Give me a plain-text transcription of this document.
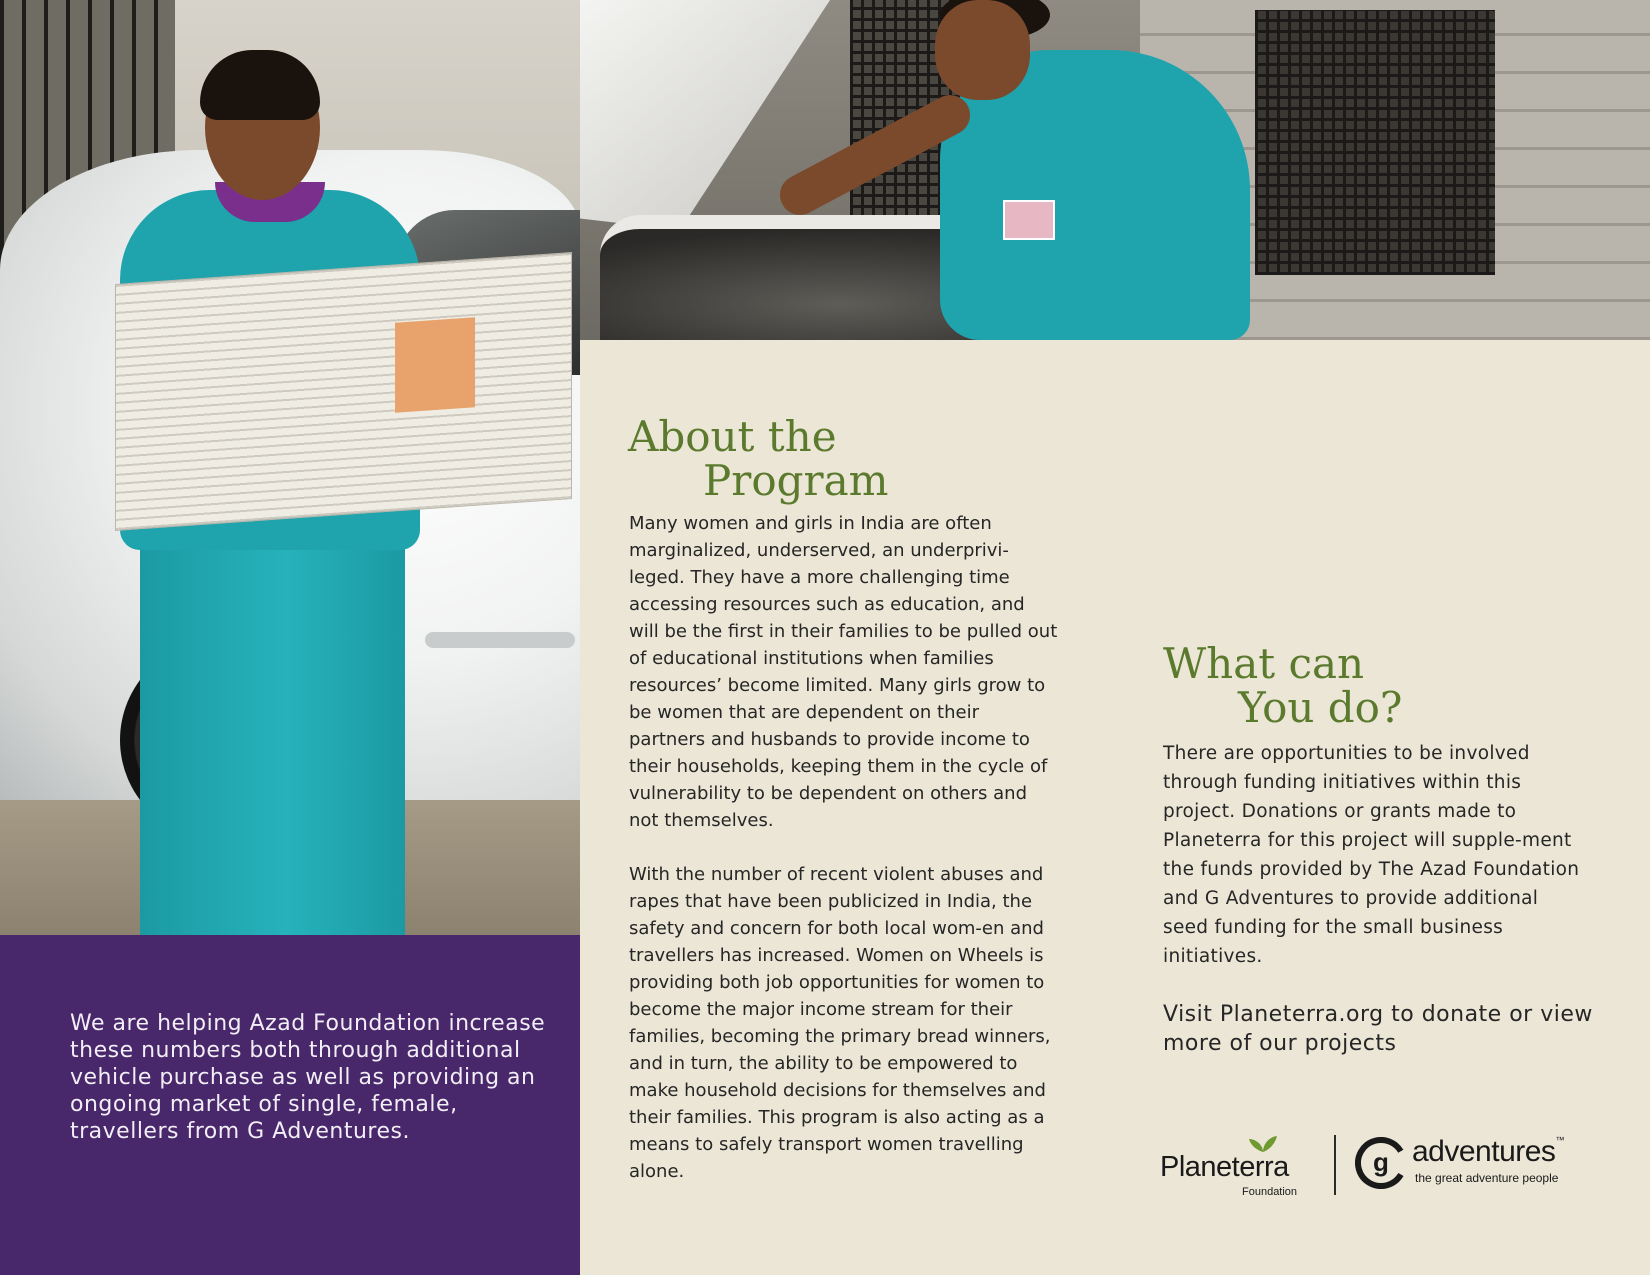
We are helping Azad Foundation increase these numbers both through additional vehicle purchase as well as providing an ongoing market of single, female, travellers from G Adventures.

About the
Program

Many women and girls in India are often marginalized, underserved, an underprivi-leged. They have a more challenging time accessing resources such as education, and will be the first in their families to be pulled out of educational institutions when families resources’ become limited. Many girls grow to be women that are dependent on their partners and husbands to provide income to their households, keeping them in the cycle of vulnerability to be dependent on others and not themselves.

With the number of recent violent abuses and rapes that have been publicized in India, the safety and concern for both local wom-en and travellers has increased. Women on Wheels is providing both job opportunities for women to become the major income stream for their families, becoming the primary bread winners, and in turn, the ability to be empowered to make household decisions for themselves and their families. This program is also acting as a means to safely transport women travelling alone.

What can
You do?

There are opportunities to be involved through funding initiatives within this project. Donations or grants made to Planeterra for this project will supple-ment the funds provided by The Azad Foundation and G Adventures to provide additional seed funding for the small business initiatives.

Visit Planeterra.org to donate or view more of our projects

Planeterra
Foundation
g adventures™
the great adventure people
